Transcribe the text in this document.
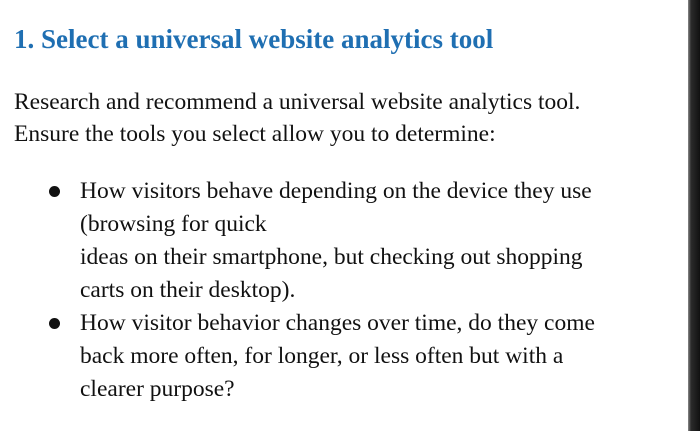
1. Select a universal website analytics tool

Research and recommend a universal website analytics tool.
Ensure the tools you select allow you to determine:

How visitors behave depending on the device they use
(browsing for quick
ideas on their smartphone, but checking out shopping
carts on their desktop).
How visitor behavior changes over time, do they come
back more often, for longer, or less often but with a
clearer purpose?
